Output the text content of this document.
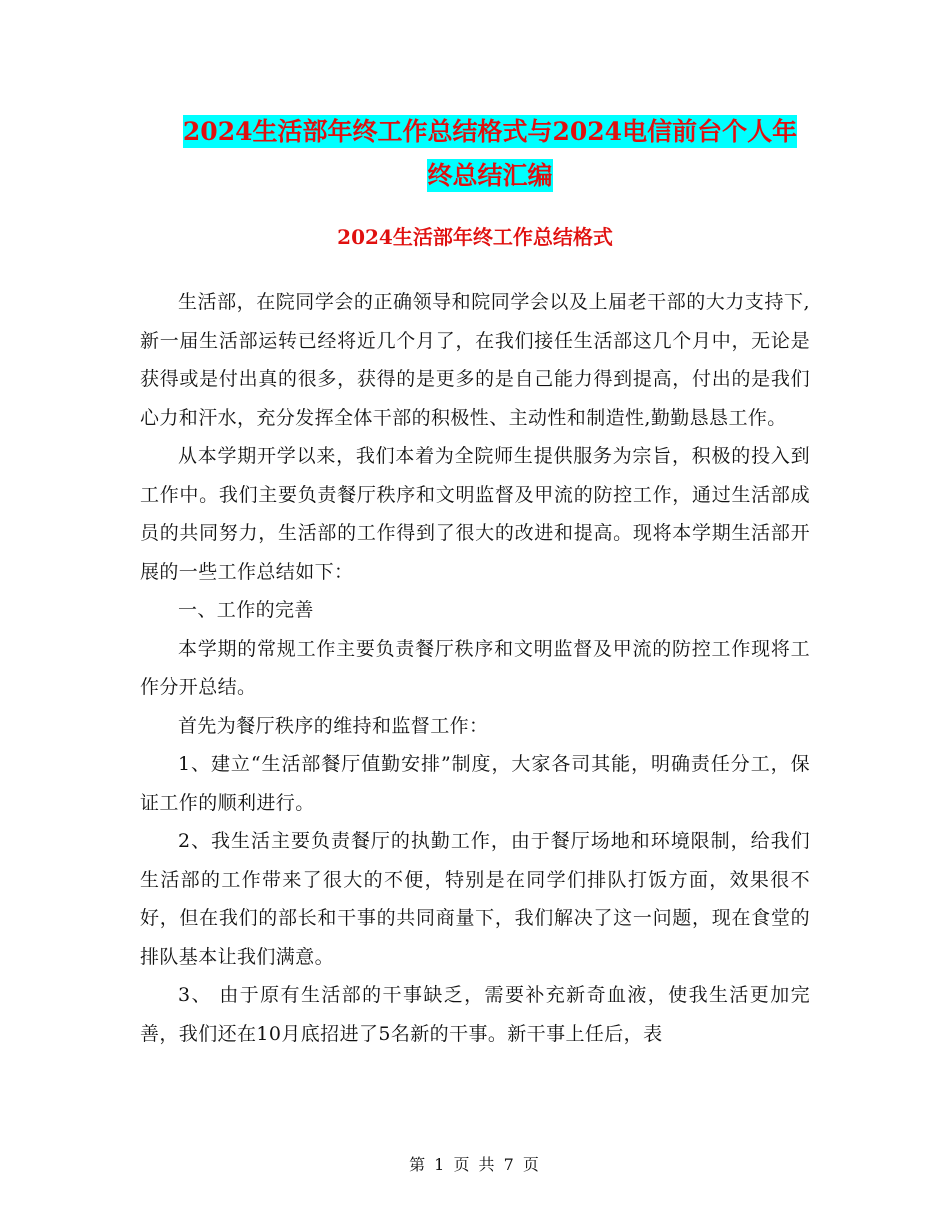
2024生活部年终工作总结格式与2024电信前台个人年
终总结汇编
2024生活部年终工作总结格式

生活部，在院同学会的正确领导和院同学会以及上届老干部的大力支持下,新一届生活部运转已经将近几个月了，在我们接任生活部这几个月中，无论是获得或是付出真的很多，获得的是更多的是自己能力得到提高，付出的是我们心力和汗水，充分发挥全体干部的积极性、主动性和制造性,勤勤恳恳工作。

从本学期开学以来，我们本着为全院师生提供服务为宗旨，积极的投入到工作中。我们主要负责餐厅秩序和文明监督及甲流的防控工作，通过生活部成员的共同努力，生活部的工作得到了很大的改进和提高。现将本学期生活部开展的一些工作总结如下：

一、工作的完善

本学期的常规工作主要负责餐厅秩序和文明监督及甲流的防控工作现将工作分开总结。

首先为餐厅秩序的维持和监督工作：

1、建立“生活部餐厅值勤安排”制度，大家各司其能，明确责任分工，保证工作的顺利进行。

2、我生活主要负责餐厅的执勤工作，由于餐厅场地和环境限制，给我们生活部的工作带来了很大的不便，特别是在同学们排队打饭方面，效果很不好，但在我们的部长和干事的共同商量下，我们解决了这一问题，现在食堂的排队基本让我们满意。

3、 由于原有生活部的干事缺乏，需要补充新奇血液，使我生活更加完善，我们还在10月底招进了5名新的干事。新干事上任后，表

第 1 页 共 7 页
